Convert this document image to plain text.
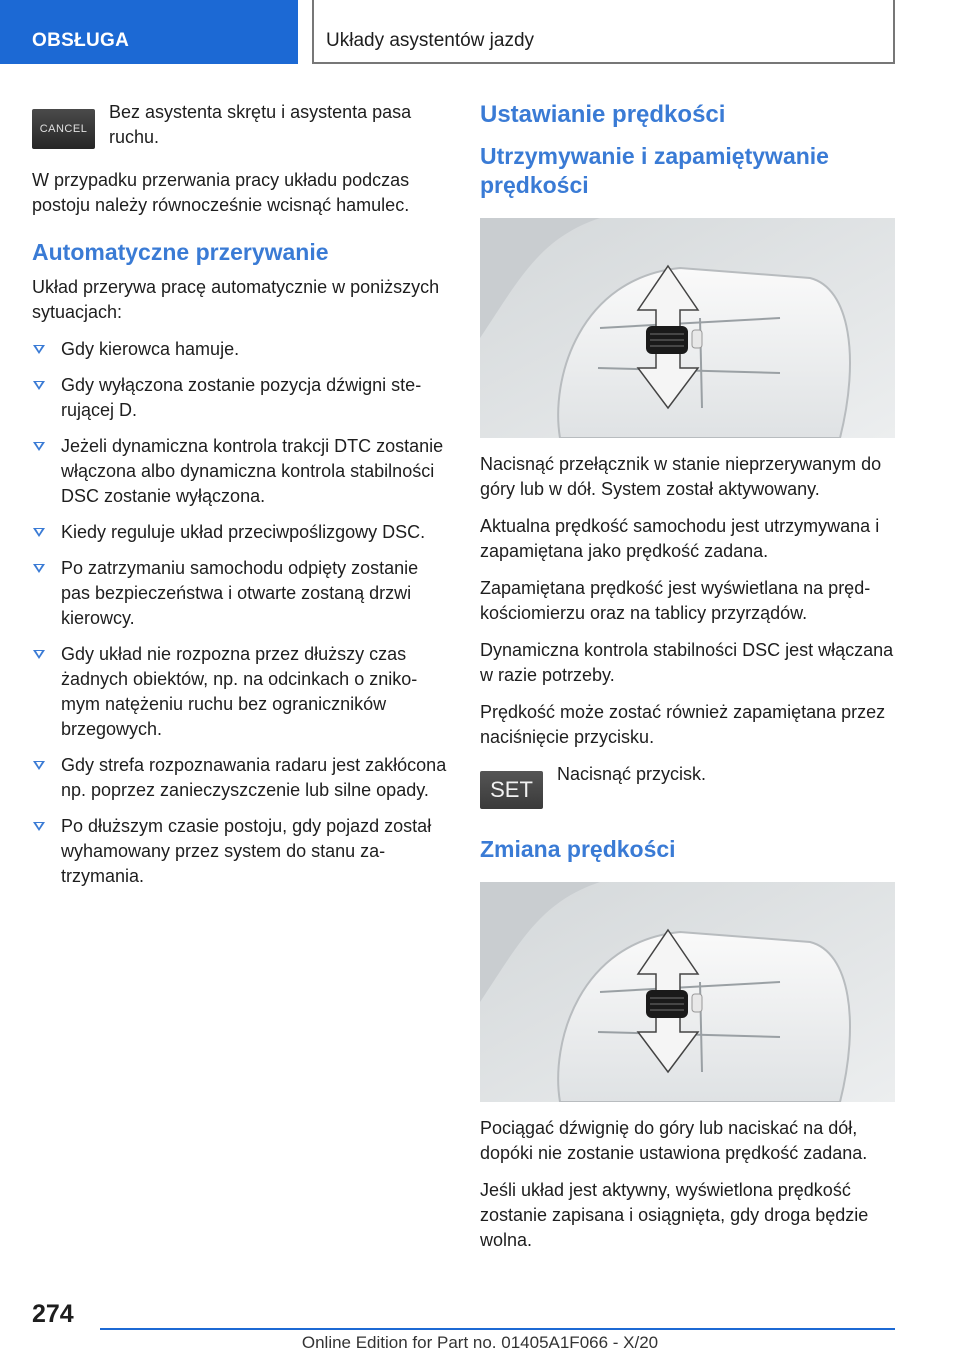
OBSŁUGA	Układy asystentów jazdy
CANCEL

Bez asystenta skrętu i asystenta pasa ruchu.

W przypadku przerwania pracy układu podczas postoju należy równocześnie wcisnąć hamulec.

Automatyczne przerywanie

Układ przerywa pracę automatycznie w poniższych sytuacjach:

Gdy kierowca hamuje.
Gdy wyłączona zostanie pozycja dźwigni sterującej D.
Jeżeli dynamiczna kontrola trakcji DTC zostanie włączona albo dynamiczna kontrola stabilności DSC zostanie wyłączona.
Kiedy reguluje układ przeciwpoślizgowy DSC.
Po zatrzymaniu samochodu odpięty zostanie pas bezpieczeństwa i otwarte zostaną drzwi kierowcy.
Gdy układ nie rozpozna przez dłuższy czas żadnych obiektów, np. na odcinkach o znikomym natężeniu ruchu bez ograniczników brzegowych.
Gdy strefa rozpoznawania radaru jest zakłócona np. poprzez zanieczyszczenie lub silne opady.
Po dłuższym czasie postoju, gdy pojazd został wyhamowany przez system do stanu zatrzymania.
Ustawianie prędkości
Utrzymywanie i zapamiętywanie prędkości

Nacisnąć przełącznik w stanie nieprzerywanym do góry lub w dół. System został aktywowany.

Aktualna prędkość samochodu jest utrzymywana i zapamiętana jako prędkość zadana.

Zapamiętana prędkość jest wyświetlana na prędkościomierzu oraz na tablicy przyrządów.

Dynamiczna kontrola stabilności DSC jest włączana w razie potrzeby.

Prędkość może zostać również zapamiętana przez naciśnięcie przycisku.

SET

Nacisnąć przycisk.

Zmiana prędkości

Pociągać dźwignię do góry lub naciskać na dół, dopóki nie zostanie ustawiona prędkość zadana.

Jeśli układ jest aktywny, wyświetlona prędkość zostanie zapisana i osiągnięta, gdy droga będzie wolna.

274
Online Edition for Part no. 01405A1F066 - X/20
